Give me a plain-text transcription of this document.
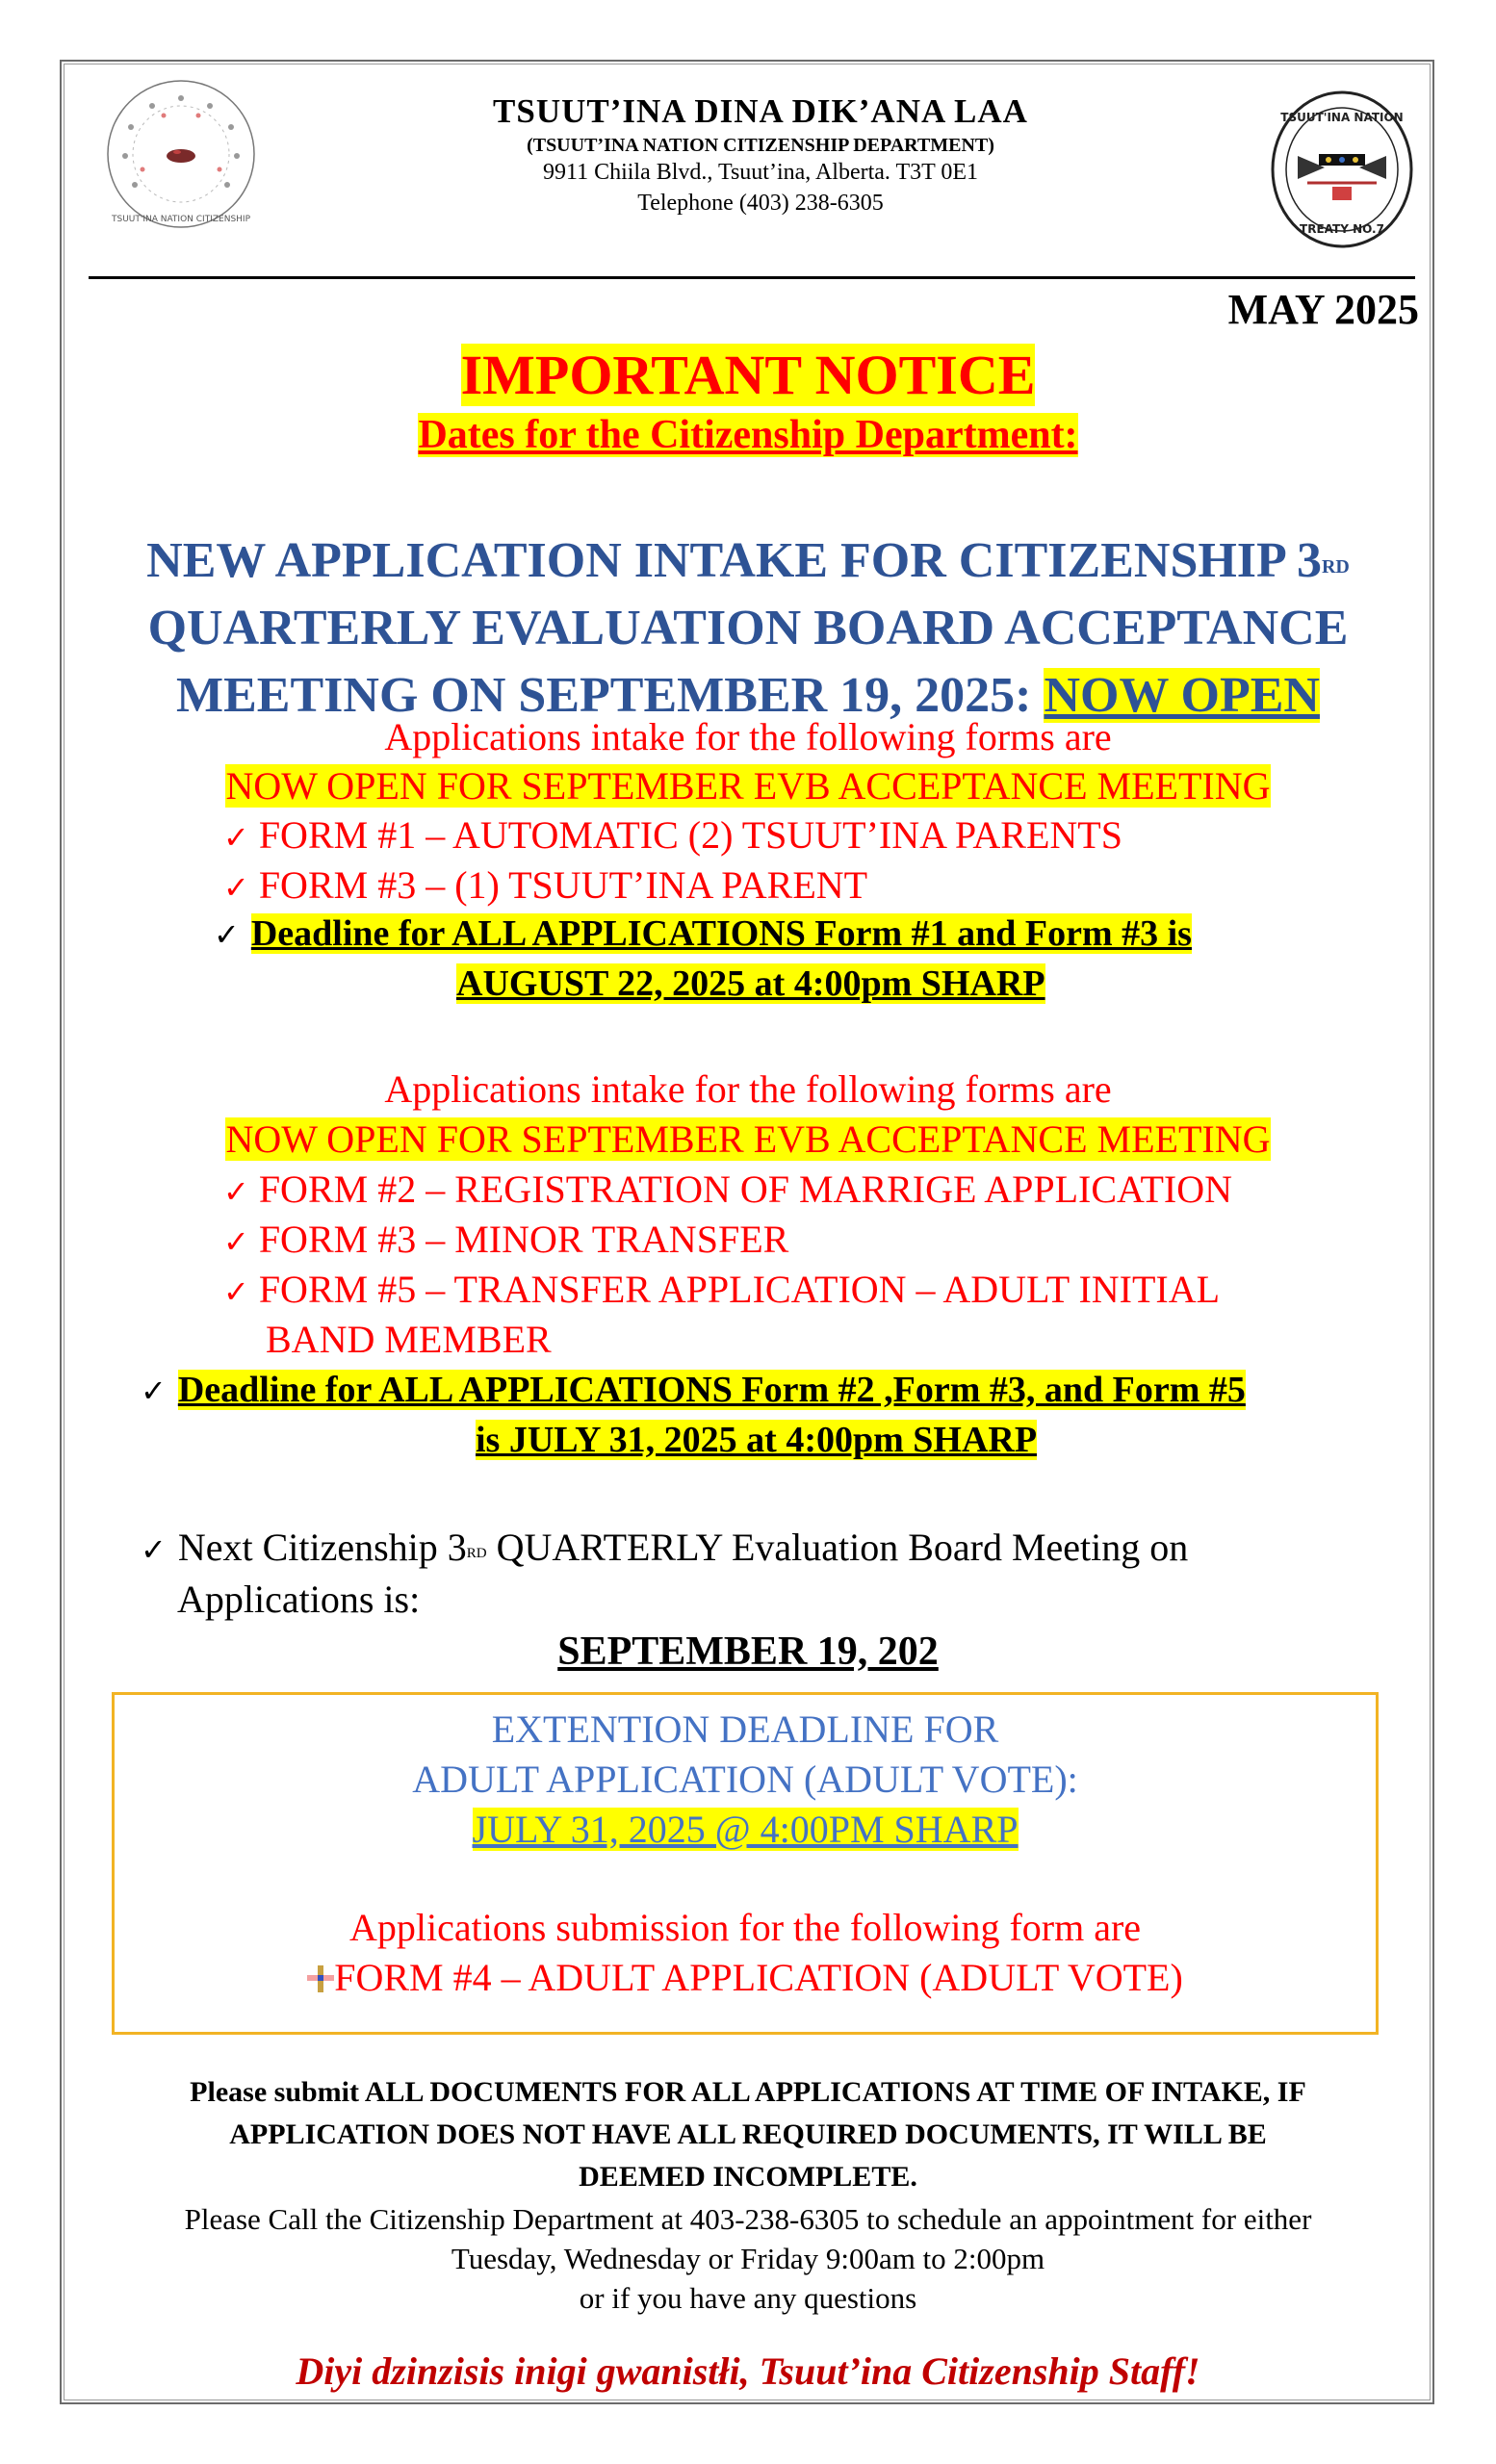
TSUUT'INA NATION CITIZENSHIP
TSUUT'INA NATION
TREATY NO.7
TSUUT’INA DINA DIK’ANA LAA
(TSUUT’INA NATION CITIZENSHIP DEPARTMENT)
9911 Chiila Blvd., Tsuut’ina, Alberta. T3T 0E1
Telephone (403) 238-6305
MAY 2025
IMPORTANT NOTICE
Dates for the Citizenship Department:
NEW APPLICATION INTAKE FOR CITIZENSHIP 3RD
QUARTERLY EVALUATION BOARD ACCEPTANCE
MEETING ON SEPTEMBER 19, 2025: NOW OPEN
Applications intake for the following forms are
NOW OPEN FOR SEPTEMBER EVB ACCEPTANCE MEETING
✓ FORM #1 – AUTOMATIC (2) TSUUT’INA PARENTS
✓ FORM #3 – (1) TSUUT’INA PARENT
✓ Deadline for ALL APPLICATIONS Form #1 and Form #3 is
AUGUST 22, 2025 at 4:00pm SHARP
Applications intake for the following forms are
NOW OPEN FOR SEPTEMBER EVB ACCEPTANCE MEETING
✓ FORM #2 – REGISTRATION OF MARRIGE APPLICATION
✓ FORM #3 – MINOR TRANSFER
✓ FORM #5 – TRANSFER APPLICATION – ADULT INITIAL
BAND MEMBER
✓ Deadline for ALL APPLICATIONS Form #2 ,Form #3, and Form #5
is JULY 31, 2025 at 4:00pm SHARP
✓ Next Citizenship 3RD QUARTERLY Evaluation Board Meeting on
Applications is:
SEPTEMBER 19, 202
EXTENTION DEADLINE FOR
ADULT APPLICATION (ADULT VOTE):
JULY 31, 2025 @ 4:00PM SHARP
Applications submission for the following form are
FORM #4 – ADULT APPLICATION (ADULT VOTE)
Please submit ALL DOCUMENTS FOR ALL APPLICATIONS AT TIME OF INTAKE, IF
APPLICATION DOES NOT HAVE ALL REQUIRED DOCUMENTS, IT WILL BE
DEEMED INCOMPLETE.
Please Call the Citizenship Department at 403-238-6305 to schedule an appointment for either
Tuesday, Wednesday or Friday 9:00am to 2:00pm
or if you have any questions
Diyi dzinzisis inigi gwanistłi, Tsuut’ina Citizenship Staff!
